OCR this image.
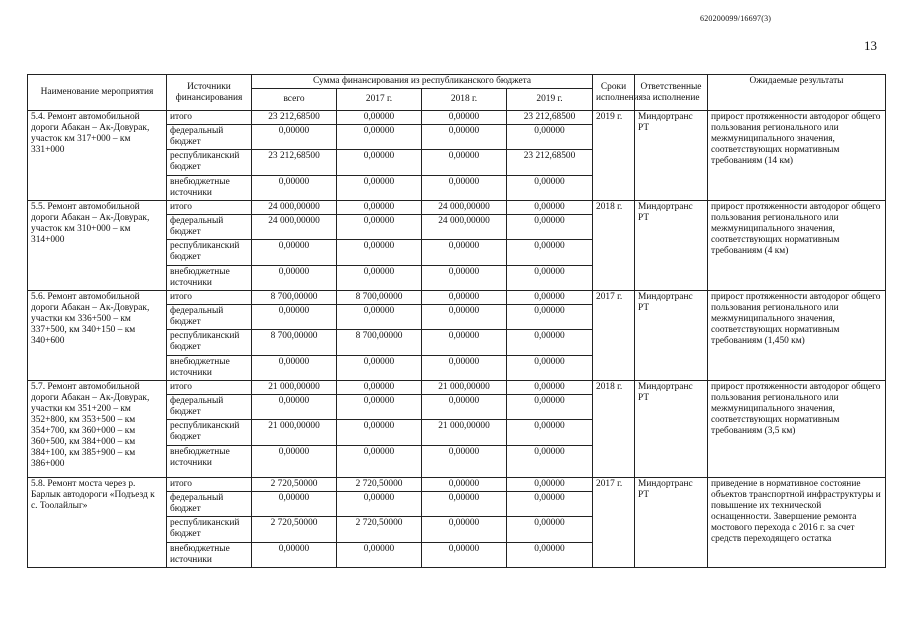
620200099/16697(3)
13
Наименование мероприятия	Источники финансирования	Сумма финансирования из республиканского бюджета				Сроки исполнения	Ответственные за исполнение	Ожидаемые результаты
		всего	2017 г.	2018 г.	2019 г.			
5.4. Ремонт автомобильной дороги Абакан – Ак-Довурак, участок км 317+000 – км 331+000	итого	23 212,68500	0,00000	0,00000	23 212,68500	2019 г.	Миндортранс РТ	прирост протяженности автодорог общего пользования регионального или межмуниципального значения, соответствующих нормативным требованиям (14 км)
	федеральный бюджет	0,00000	0,00000	0,00000	0,00000			
	республиканский бюджет	23 212,68500	0,00000	0,00000	23 212,68500			
	внебюджетные источники	0,00000	0,00000	0,00000	0,00000			
5.5. Ремонт автомобильной дороги Абакан – Ак-Довурак, участок км 310+000 – км 314+000	итого	24 000,00000	0,00000	24 000,00000	0,00000	2018 г.	Миндортранс РТ	прирост протяженности автодорог общего пользования регионального или межмуниципального значения, соответствующих нормативным требованиям (4 км)
	федеральный бюджет	24 000,00000	0,00000	24 000,00000	0,00000			
	республиканский бюджет	0,00000	0,00000	0,00000	0,00000			
	внебюджетные источники	0,00000	0,00000	0,00000	0,00000			
5.6. Ремонт автомобильной дороги Абакан – Ак-Довурак, участки км 336+500 – км 337+500, км 340+150 – км 340+600	итого	8 700,00000	8 700,00000	0,00000	0,00000	2017 г.	Миндортранс РТ	прирост протяженности автодорог общего пользования регионального или межмуниципального значения, соответствующих нормативным требованиям (1,450 км)
	федеральный бюджет	0,00000	0,00000	0,00000	0,00000			
	республиканский бюджет	8 700,00000	8 700,00000	0,00000	0,00000			
	внебюджетные источники	0,00000	0,00000	0,00000	0,00000			
5.7. Ремонт автомобильной дороги Абакан – Ак-Довурак, участки км 351+200 – км 352+800, км 353+500 – км 354+700, км 360+000 – км 360+500, км 384+000 – км 384+100, км 385+900 – км 386+000	итого	21 000,00000	0,00000	21 000,00000	0,00000	2018 г.	Миндортранс РТ	прирост протяженности автодорог общего пользования регионального или межмуниципального значения, соответствующих нормативным требованиям (3,5 км)
	федеральный бюджет	0,00000	0,00000	0,00000	0,00000			
	республиканский бюджет	21 000,00000	0,00000	21 000,00000	0,00000			
	внебюджетные источники	0,00000	0,00000	0,00000	0,00000			
5.8. Ремонт моста через р. Барлык автодороги «Подъезд к с. Тоолайлыг»	итого	2 720,50000	2 720,50000	0,00000	0,00000	2017 г.	Миндортранс РТ	приведение в нормативное состояние объектов транспортной инфраструктуры и повышение их технической оснащенности. Завершение ремонта мостового перехода с 2016 г. за счет средств переходящего остатка
	федеральный бюджет	0,00000	0,00000	0,00000	0,00000			
	республиканский бюджет	2 720,50000	2 720,50000	0,00000	0,00000			
	внебюджетные источники	0,00000	0,00000	0,00000	0,00000			
